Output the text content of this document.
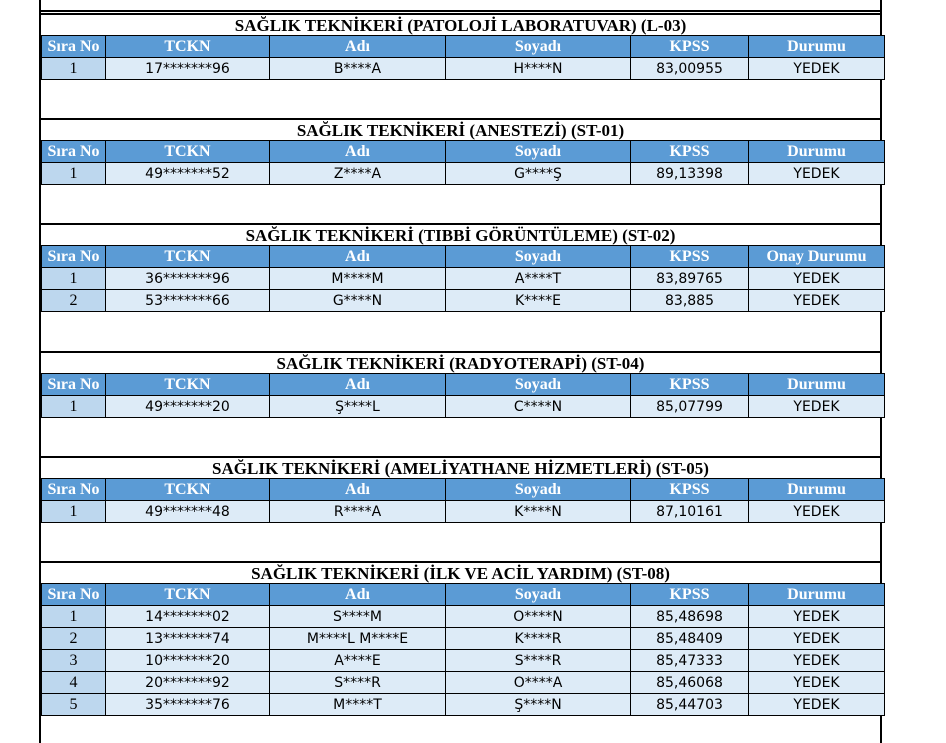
SAĞLIK TEKNİKERİ (PATOLOJİ LABORATUVAR) (L-03)
Sıra No	TCKN	Adı	Soyadı	KPSS	Durumu
1	17*******96	B****A	H****N	83,00955	YEDEK
SAĞLIK TEKNİKERİ (ANESTEZİ) (ST-01)
Sıra No	TCKN	Adı	Soyadı	KPSS	Durumu
1	49*******52	Z****A	G****Ş	89,13398	YEDEK
SAĞLIK TEKNİKERİ (TIBBİ GÖRÜNTÜLEME) (ST-02)
Sıra No	TCKN	Adı	Soyadı	KPSS	Onay Durumu
1	36*******96	M****M	A****T	83,89765	YEDEK
2	53*******66	G****N	K****E	83,885	YEDEK
SAĞLIK TEKNİKERİ (RADYOTERAPİ) (ST-04)
Sıra No	TCKN	Adı	Soyadı	KPSS	Durumu
1	49*******20	Ş****L	C****N	85,07799	YEDEK
SAĞLIK TEKNİKERİ (AMELİYATHANE HİZMETLERİ) (ST-05)
Sıra No	TCKN	Adı	Soyadı	KPSS	Durumu
1	49*******48	R****A	K****N	87,10161	YEDEK
SAĞLIK TEKNİKERİ (İLK VE ACİL YARDIM) (ST-08)
Sıra No	TCKN	Adı	Soyadı	KPSS	Durumu
1	14*******02	S****M	O****N	85,48698	YEDEK
2	13*******74	M****L M****E	K****R	85,48409	YEDEK
3	10*******20	A****E	S****R	85,47333	YEDEK
4	20*******92	S****R	O****A	85,46068	YEDEK
5	35*******76	M****T	Ş****N	85,44703	YEDEK
